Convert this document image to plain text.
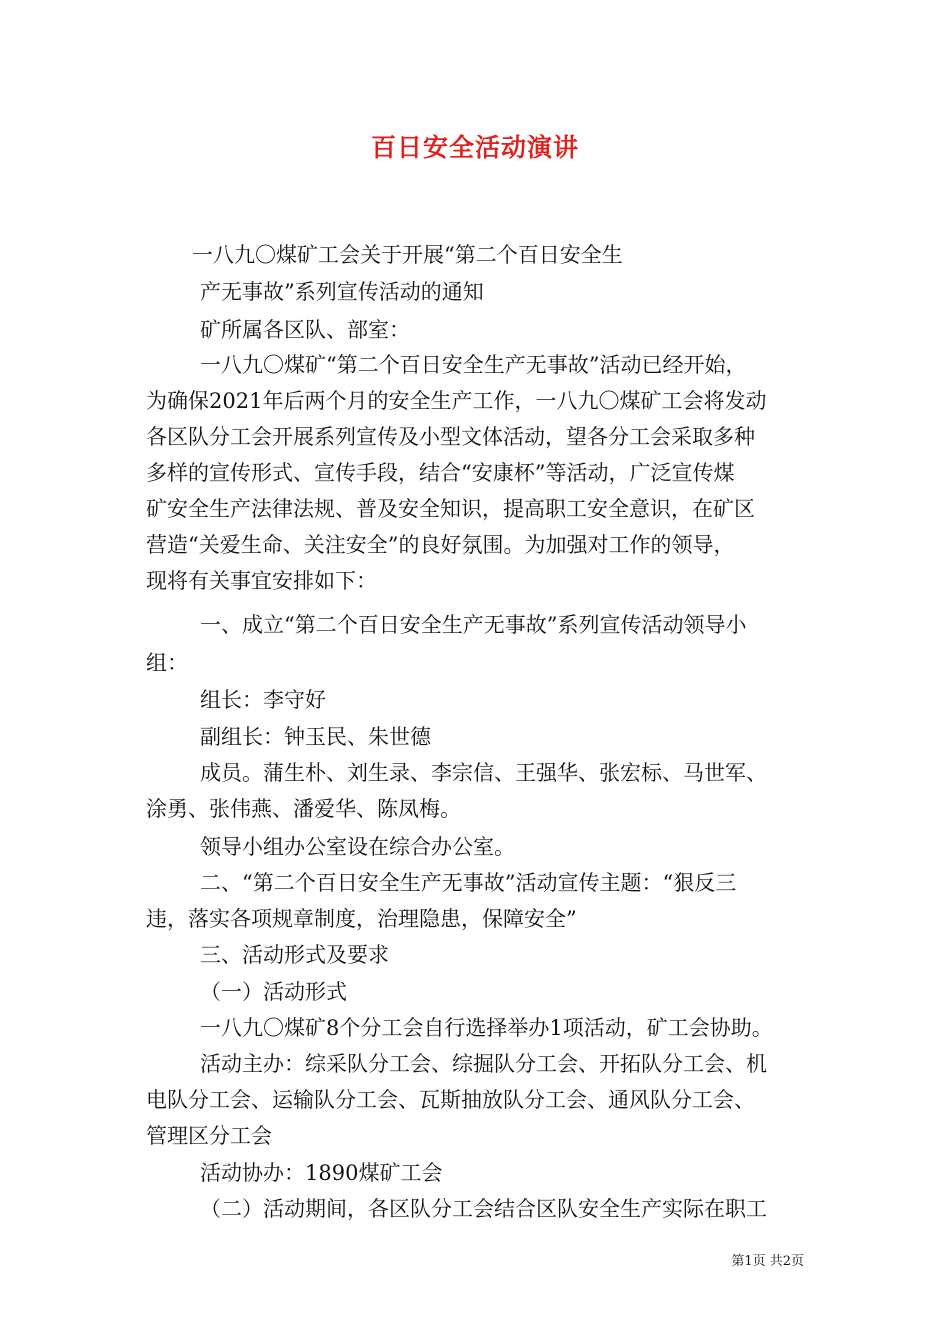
百日安全活动演讲
一八九〇煤矿工会关于开展“第二个百日安全生
产无事故”系列宣传活动的通知
矿所属各区队、部室：
一八九〇煤矿“第二个百日安全生产无事故”活动已经开始，
为确保2021年后两个月的安全生产工作，一八九〇煤矿工会将发动
各区队分工会开展系列宣传及小型文体活动，望各分工会采取多种
多样的宣传形式、宣传手段，结合“安康杯”等活动，广泛宣传煤
矿安全生产法律法规、普及安全知识，提高职工安全意识，在矿区
营造“关爱生命、关注安全”的良好氛围。为加强对工作的领导，
现将有关事宜安排如下：
一、成立“第二个百日安全生产无事故”系列宣传活动领导小
组：
组长：李守好
副组长：钟玉民、朱世德
成员。蒲生朴、刘生录、李宗信、王强华、张宏标、马世军、
涂勇、张伟燕、潘爱华、陈凤梅。
领导小组办公室设在综合办公室。
二、“第二个百日安全生产无事故”活动宣传主题：“狠反三
违，落实各项规章制度，治理隐患，保障安全”
三、活动形式及要求
（一）活动形式
一八九〇煤矿8个分工会自行选择举办1项活动，矿工会协助。
活动主办：综采队分工会、综掘队分工会、开拓队分工会、机
电队分工会、运输队分工会、瓦斯抽放队分工会、通风队分工会、
管理区分工会
活动协办：1890煤矿工会
（二）活动期间，各区队分工会结合区队安全生产实际在职工
第1页 共2页
